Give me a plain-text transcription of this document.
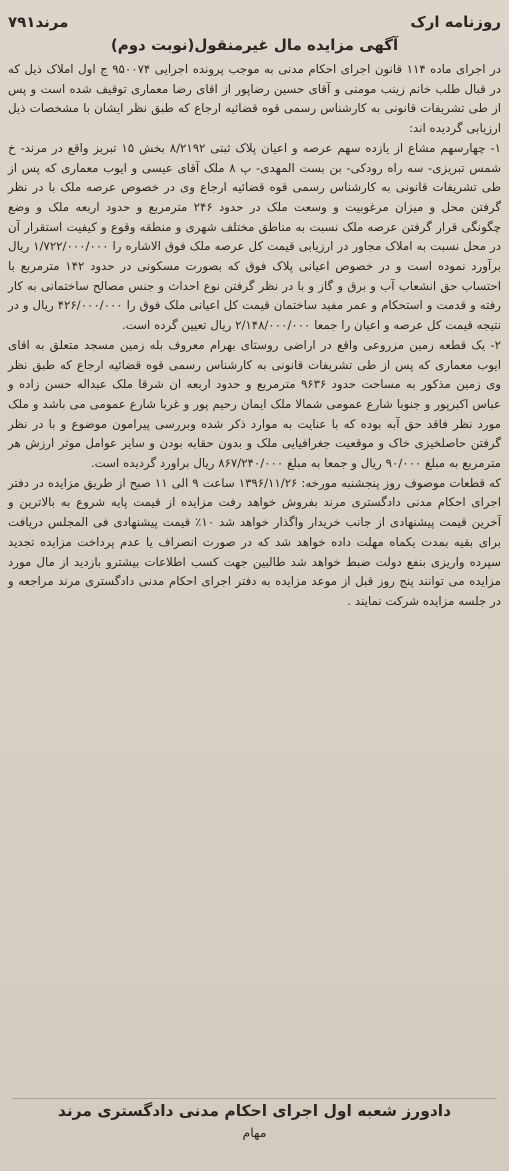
روزنامه ارک
مرند۷۹۱
آگهی مزایده مال غیرمنقول(نوبت دوم)

در اجرای ماده ۱۱۴ قانون اجرای احکام مدنی به موجب پرونده اجرایی ۹۵۰۰۷۴ ج اول املاک ذیل که در قبال طلب خانم زینب مومنی و آقای حسین رضاپور از اقای رضا معماری توقیف شده است و پس از طی تشریفات قانونی به کارشناس رسمی قوه قضائیه ارجاع که طبق نظر ایشان با مشخصات ذیل ارزیابی گردیده اند:

۱- چهارسهم مشاع از یازده سهم عرصه و اعیان پلاک ثبتی ۸/۲۱۹۲ بخش ۱۵ تبریز واقع در مرند- خ شمس تبریزی- سه راه رودکی- بن بست المهدی- پ ۸ ملک آقای عیسی و ایوب معماری که پس از طی تشریفات قانونی به کارشناس رسمی قوه قضائیه ارجاع وی در خصوص عرصه ملک با در نظر گرفتن محل و میزان مرغوبیت و وسعت ملک در حدود ۲۴۶ مترمربع و حدود اربعه ملک و وضع چگونگی قرار گرفتن عرصه ملک نسبت به مناطق مختلف شهری و منطقه وقوع و کیفیت استقرار آن در محل نسبت به املاک مجاور در ارزیابی قیمت کل عرصه ملک فوق الاشاره را ۱/۷۲۲/۰۰۰/۰۰۰ ریال برآورد نموده است و در خصوص اعیانی پلاک فوق که بصورت مسکونی در حدود ۱۴۲ مترمربع با احتساب حق انشعاب آب و برق و گاز و با در نظر گرفتن نوع احداث و جنس مصالح ساختمانی به کار رفته و قدمت و استحکام و عمر مفید ساختمان قیمت کل اعیانی ملک فوق را ۴۲۶/۰۰۰/۰۰۰ ریال و در نتیجه قیمت کل عرصه و اعیان را جمعا ۲/۱۴۸/۰۰۰/۰۰۰ ریال تعیین گرده است.

۲- یک قطعه زمین مزروعی واقع در اراضی روستای بهرام معروف بله زمین مسجد متعلق به اقای ایوب معماری که پس از طی تشریفات قانونی به کارشناس رسمی قوه قضائیه ارجاع که طبق نظر وی زمین مذکور به مساحت حدود ۹۶۳۶ مترمربع و حدود اربعه ان شرقا ملک عبداله حسن زاده و عباس اکبرپور و جنوبا شارع عمومی شمالا ملک ایمان رحیم پور و غربا شارع عمومی می باشد و ملک مورد نظر فاقد حق آبه بوده که با عنایت به موارد ذکر شده وبررسی پیرامون موضوع و با در نظر گرفتن حاصلخیزی خاک و موقعیت جغرافیایی ملک و بدون حقابه بودن و سایر عوامل موثر ارزش هر مترمربع به مبلغ ۹۰/۰۰۰ ریال و جمعا به مبلغ ۸۶۷/۲۴۰/۰۰۰ ریال براورد گردیده است.

که قطعات موصوف روز پنجشنبه مورخه: ۱۳۹۶/۱۱/۲۶ ساعت ۹ الی ۱۱ صبح از طریق مزایده در دفتر اجرای احکام مدنی دادگستری مرند بفروش خواهد رفت مزایده از قیمت پایه شروع به بالاترین و آخرین قیمت پیشنهادی از جانب خریدار واگذار خواهد شد ۱۰٪ قیمت پیشنهادی فی المجلس دریافت برای بقیه بمدت یکماه مهلت داده خواهد شد که در صورت انصراف یا عدم پرداخت مزایده تجدید سپرده واریزی بنفع دولت ضبط خواهد شد طالبین جهت کسب اطلاعات بیشترو بازدید از مال مورد مزایده می توانند پنج روز قبل از موعد مزایده به دفتر اجرای احکام مدنی دادگستری مرند مراجعه و در جلسه مزایده شرکت نمایند .

دادورز شعبه اول اجرای احکام مدنی دادگستری مرند
مهام
